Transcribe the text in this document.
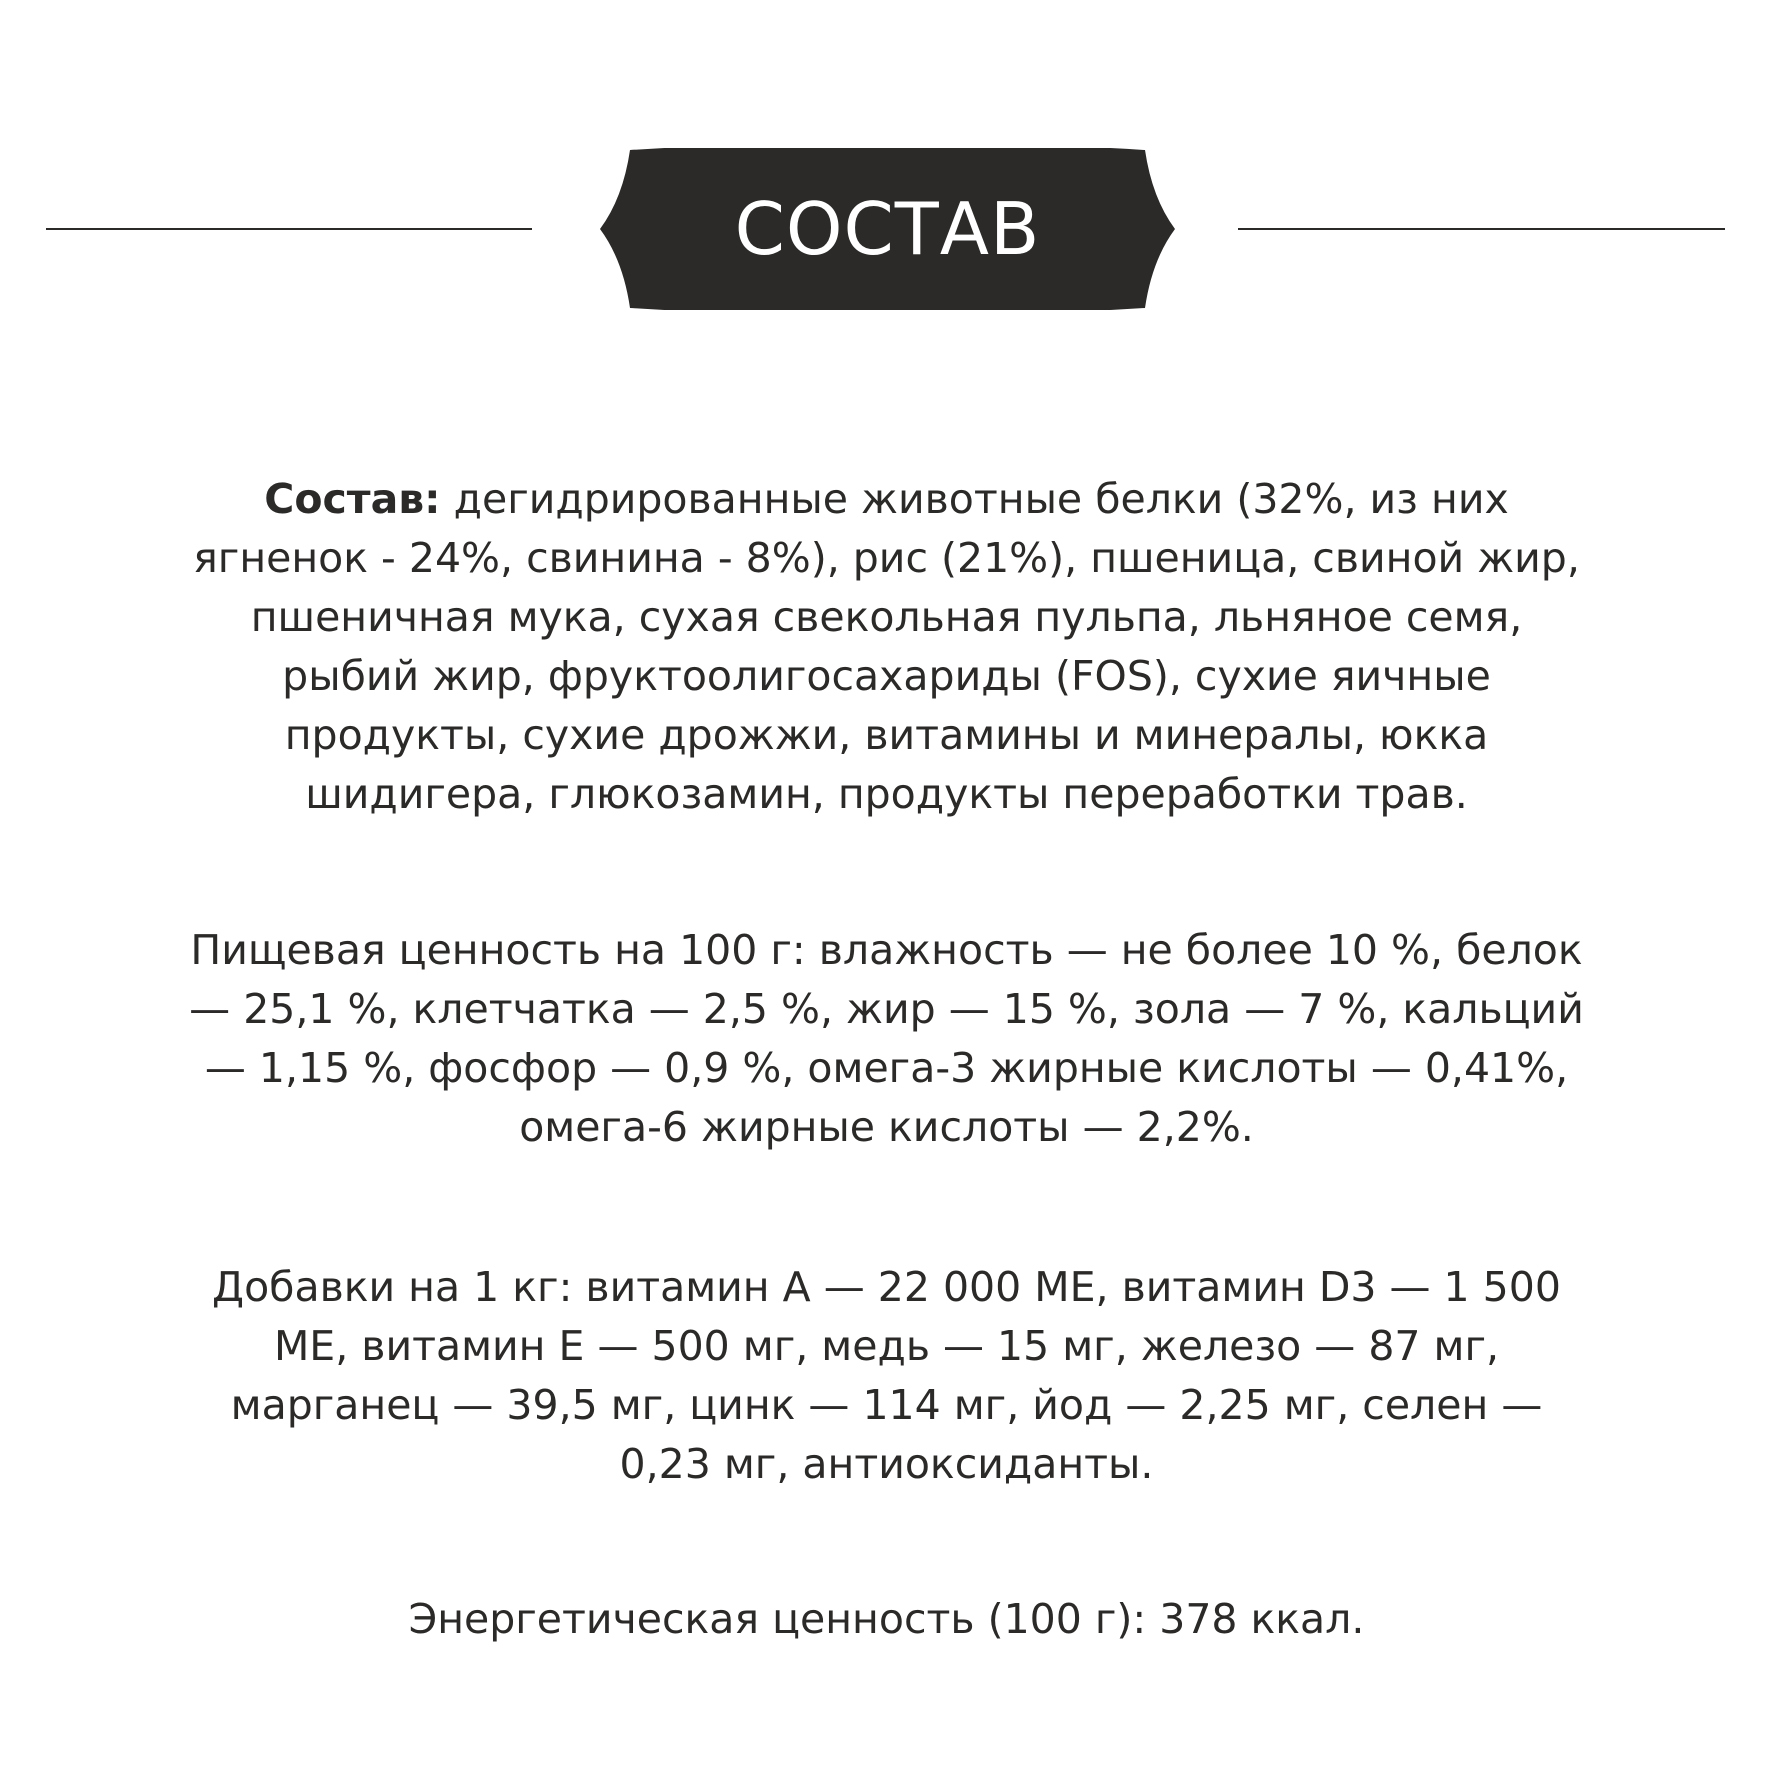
СОСТАВ
Состав: дегидрированные животные белки (32%, из них
ягненок - 24%, свинина - 8%), рис (21%), пшеница, свиной жир,
пшеничная мука, сухая свекольная пульпа, льняное семя,
рыбий жир, фруктоолигосахариды (FOS), сухие яичные
продукты, сухие дрожжи, витамины и минералы, юкка
шидигера, глюкозамин, продукты переработки трав.
Пищевая ценность на 100 г: влажность — не более 10 %, белок
— 25,1 %, клетчатка — 2,5 %, жир — 15 %, зола — 7 %, кальций
— 1,15 %, фосфор — 0,9 %, омега-3 жирные кислоты — 0,41%,
омега-6 жирные кислоты — 2,2%.
Добавки на 1 кг: витамин А — 22 000 МЕ, витамин D3 — 1 500
МЕ, витамин Е — 500 мг, медь — 15 мг, железо — 87 мг,
марганец — 39,5 мг, цинк — 114 мг, йод — 2,25 мг, селен —
0,23 мг, антиоксиданты.
Энергетическая ценность (100 г): 378 ккал.
